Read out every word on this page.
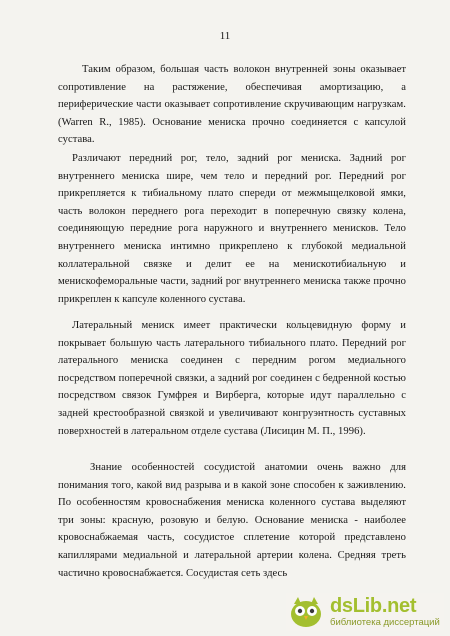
11
Таким образом, большая часть волокон внутренней зоны оказывает сопротивление на растяжение, обеспечивая амортизацию, а периферические части оказывает сопротивление скручивающим нагрузкам. (Warren R., 1985). Основание мениска прочно соединяется с капсулой сустава.
Различают передний рог, тело, задний рог мениска. Задний рог внутреннего мениска шире, чем тело и передний рог. Передний рог прикрепляется к тибиальному плато спереди от межмыщелковой ямки, часть волокон переднего рога переходит в поперечную связку колена, соединяющую передние рога наружного и внутреннего менисков. Тело внутреннего мениска интимно прикреплено к глубокой медиальной коллатеральной связке и делит ее на менискотибиальную и менискофеморальные части, задний рог внутреннего мениска также прочно прикреплен к капсуле коленного сустава.
Латеральный мениск имеет практически кольцевидную форму и покрывает большую часть латерального тибиального плато. Передний рог латерального мениска соединен с передним рогом медиального посредством поперечной связки, а задний рог соединен с бедренной костью посредством связок Гумфрея и Вирберга, которые идут параллельно с задней крестообразной связкой и увеличивают конгруэнтность суставных поверхностей в латеральном отделе сустава (Лисицин М. П., 1996).
Знание особенностей сосудистой анатомии очень важно для понимания того, какой вид разрыва и в какой зоне способен к заживлению. По особенностям кровоснабжения мениска коленного сустава выделяют три зоны: красную, розовую и белую. Основание мениска - наиболее кровоснабжаемая часть, сосудистое сплетение которой представлено капиллярами медиальной и латеральной артерии колена. Средняя треть частично кровоснабжается. Сосудистая сеть здесь
dsLib.net
библиотека диссертаций
